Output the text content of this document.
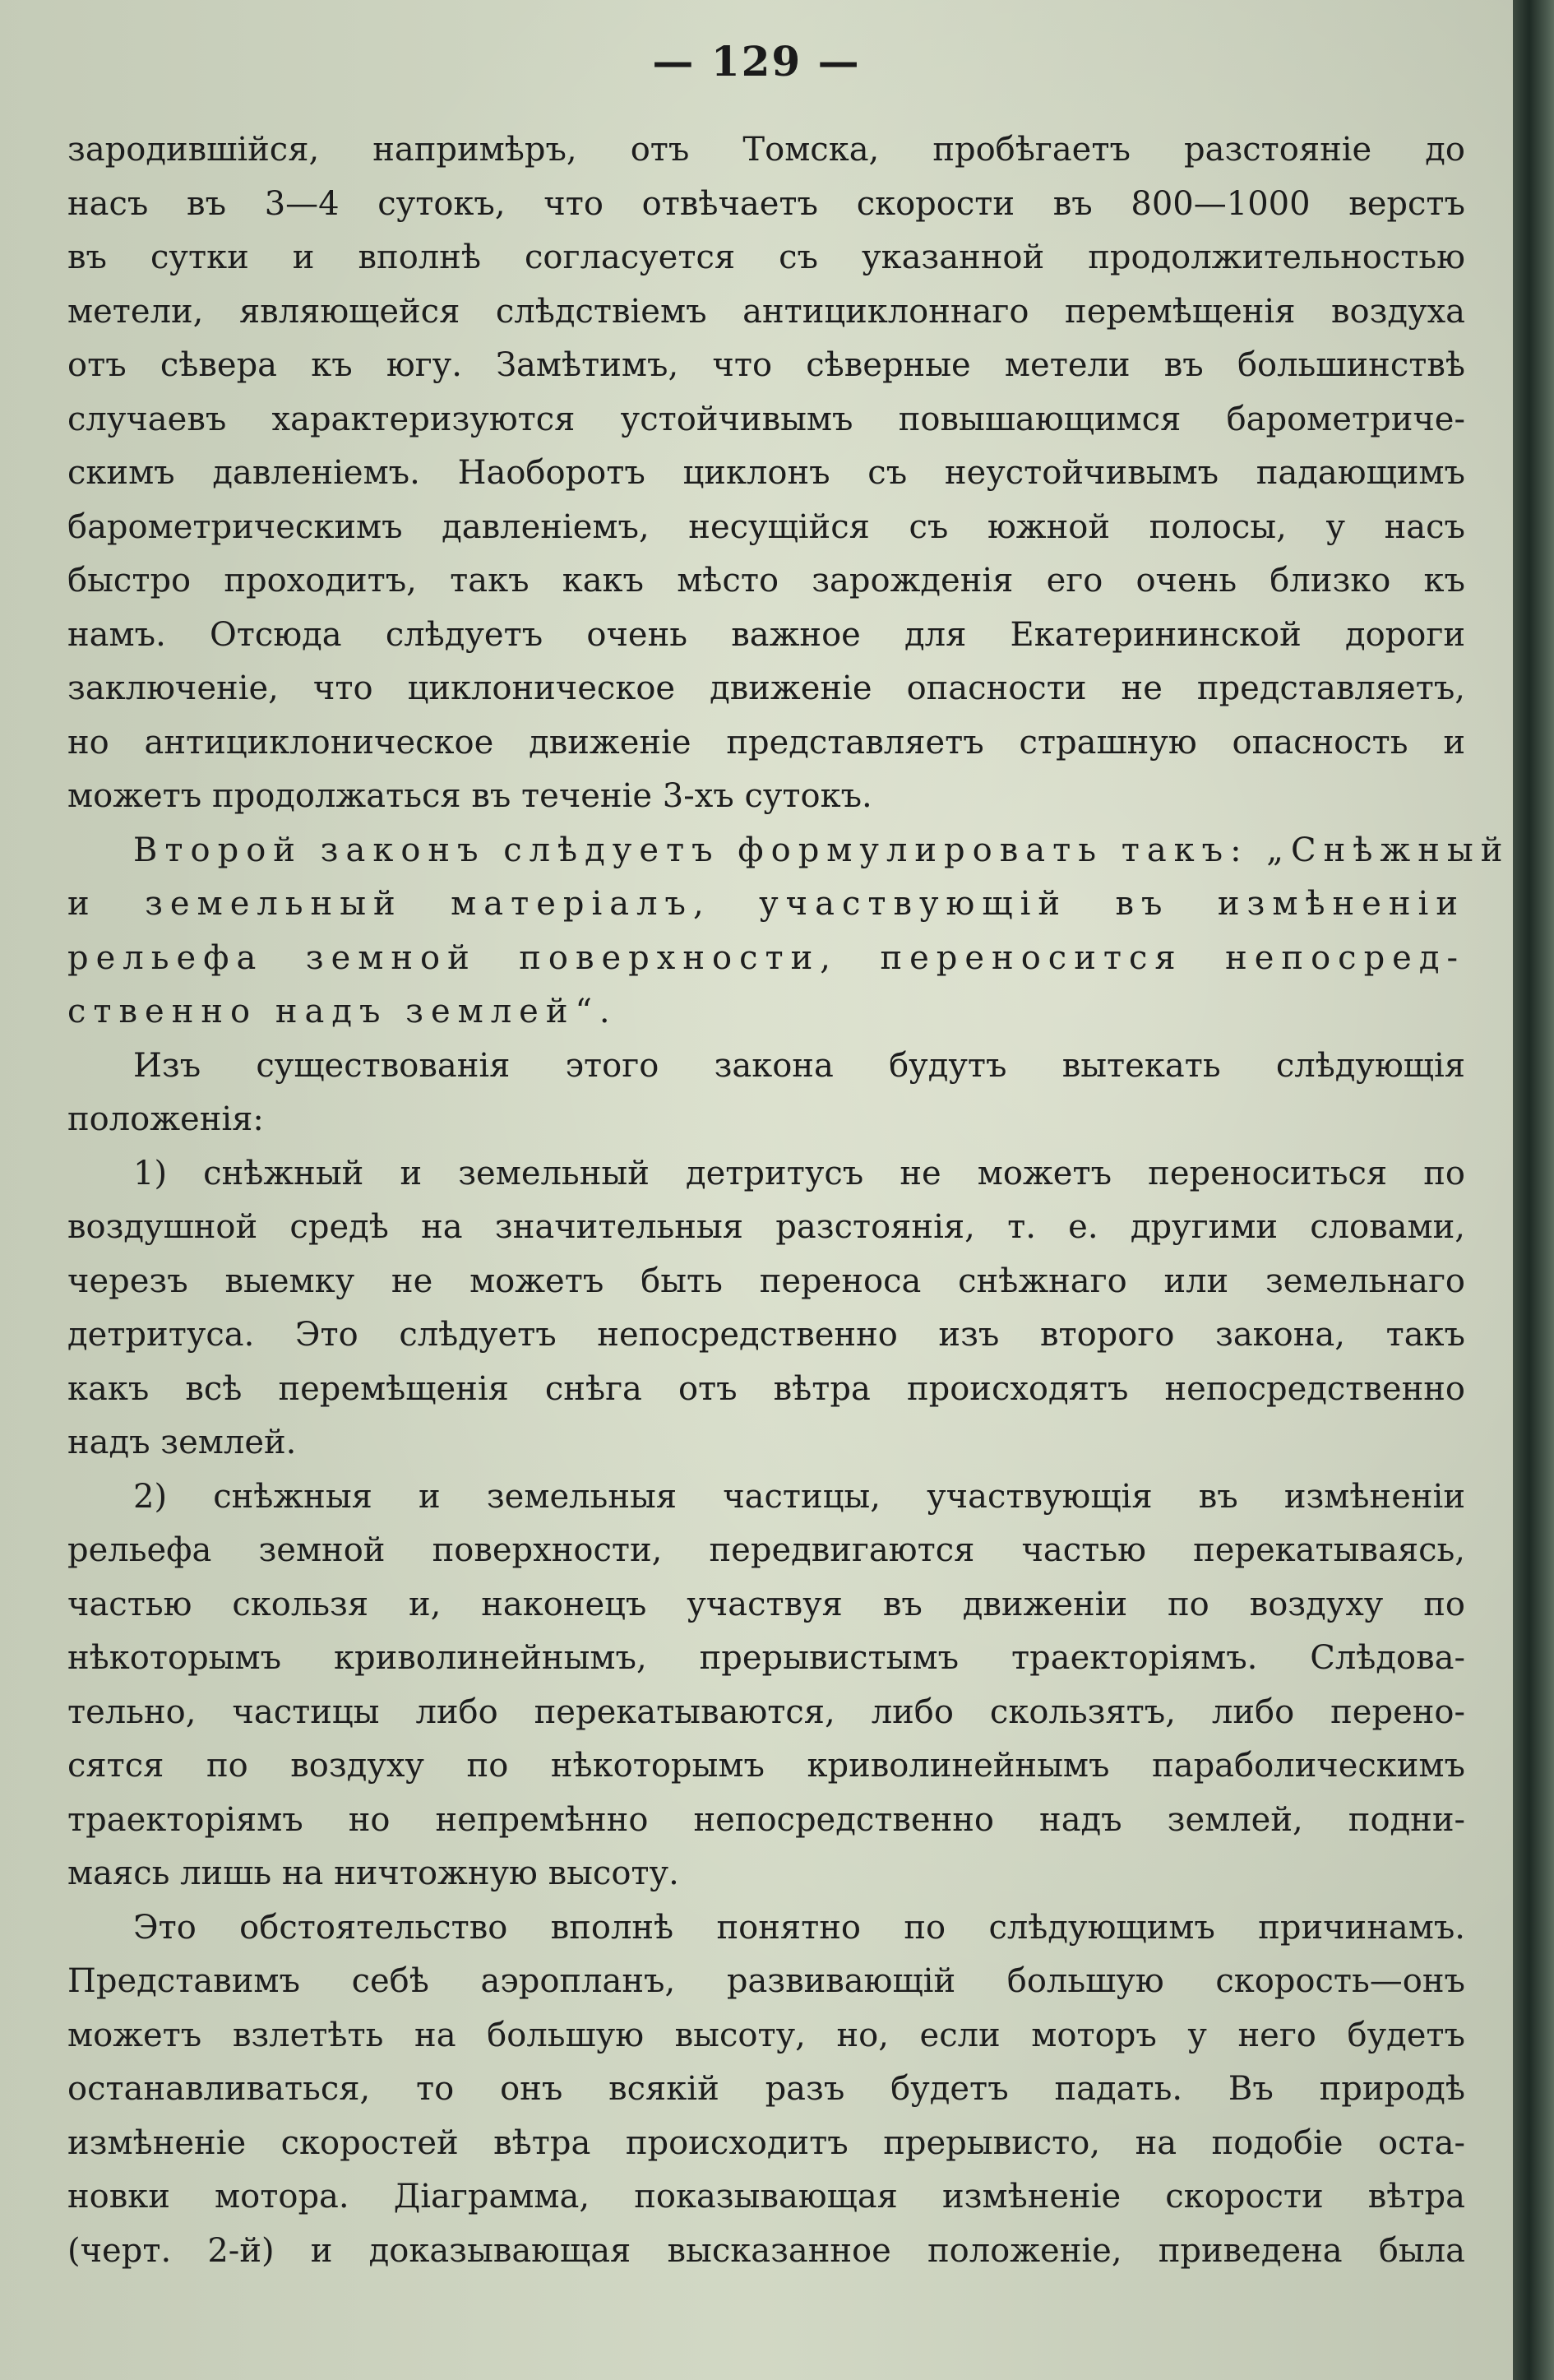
— 129 —
зародившійся, напримѣръ, отъ Томска, пробѣгаетъ разстояніе до
насъ въ 3—4 сутокъ, что отвѣчаетъ скорости въ 800—1000 верстъ
въ сутки и вполнѣ согласуется съ указанной продолжительностью
метели, являющейся слѣдствіемъ антициклоннаго перемѣщенія воздуха
отъ сѣвера къ югу. Замѣтимъ, что сѣверные метели въ большинствѣ
случаевъ характеризуются устойчивымъ повышающимся барометриче-
скимъ давленіемъ. Наоборотъ циклонъ съ неустойчивымъ падающимъ
барометрическимъ давленіемъ, несущійся съ южной полосы, у насъ
быстро проходитъ, такъ какъ мѣсто зарожденія его очень близко къ
намъ. Отсюда слѣдуетъ очень важное для Екатерининской дороги
заключеніе, что циклоническое движеніе опасности не представляетъ,
но антициклоническое движеніе представляетъ страшную опасность и
можетъ продолжаться въ теченіе 3-хъ сутокъ.
Второй законъ слѣдуетъ формулировать такъ: „Снѣжный
и земельный матеріалъ, участвующій въ измѣненіи
рельефа земной поверхности, переносится непосред-
ственно надъ землей“.
Изъ существованія этого закона будутъ вытекать слѣдующія
положенія:
1) снѣжный и земельный детритусъ не можетъ переноситься по
воздушной средѣ на значительныя разстоянія, т. е. другими словами,
черезъ выемку не можетъ быть переноса снѣжнаго или земельнаго
детритуса. Это слѣдуетъ непосредственно изъ второго закона, такъ
какъ всѣ перемѣщенія снѣга отъ вѣтра происходятъ непосредственно
надъ землей.
2) снѣжныя и земельныя частицы, участвующія въ измѣненіи
рельефа земной поверхности, передвигаются частью перекатываясь,
частью скользя и, наконецъ участвуя въ движеніи по воздуху по
нѣкоторымъ криволинейнымъ, прерывистымъ траекторіямъ. Слѣдова-
тельно, частицы либо перекатываются, либо скользятъ, либо перено-
сятся по воздуху по нѣкоторымъ криволинейнымъ параболическимъ
траекторіямъ но непремѣнно непосредственно надъ землей, подни-
маясь лишь на ничтожную высоту.
Это обстоятельство вполнѣ понятно по слѣдующимъ причинамъ.
Представимъ себѣ аэропланъ, развивающій большую скорость—онъ
можетъ взлетѣть на большую высоту, но, если моторъ у него будетъ
останавливаться, то онъ всякій разъ будетъ падать. Въ природѣ
измѣненіе скоростей вѣтра происходитъ прерывисто, на подобіе оста-
новки мотора. Діаграмма, показывающая измѣненіе скорости вѣтра
(черт. 2-й) и доказывающая высказанное положеніе, приведена была
